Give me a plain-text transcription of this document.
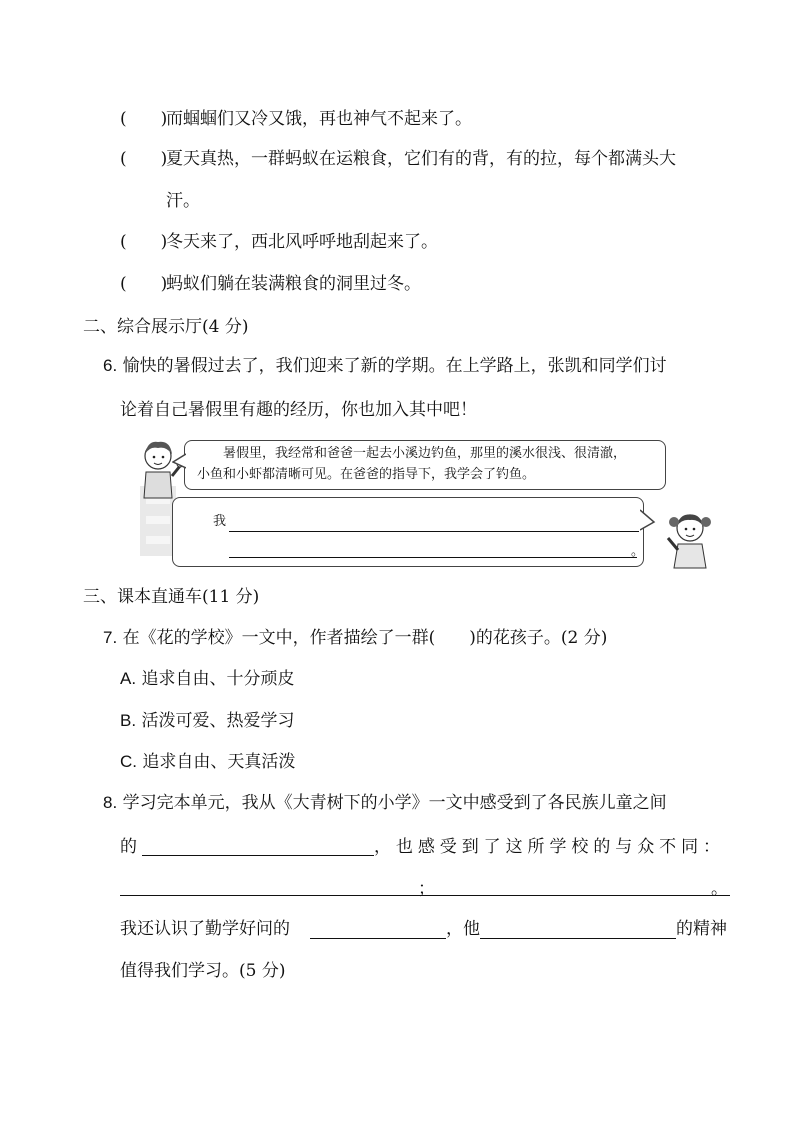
( )而蝈蝈们又冷又饿，再也神气不起来了。
( )夏天真热，一群蚂蚁在运粮食，它们有的背，有的拉，每个都满头大
汗。
( )冬天来了，西北风呼呼地刮起来了。
( )蚂蚁们躺在装满粮食的洞里过冬。
二、综合展示厅(4 分)
6. 愉快的暑假过去了，我们迎来了新的学期。在上学路上，张凯和同学们讨
论着自己暑假里有趣的经历，你也加入其中吧！
暑假里，我经常和爸爸一起去小溪边钓鱼，那里的溪水很浅、很清澈，
小鱼和小虾都清晰可见。在爸爸的指导下，我学会了钓鱼。
我
。
三、课本直通车(11 分)
7. 在《花的学校》一文中，作者描绘了一群( )的花孩子。(2 分)
A. 追求自由、十分顽皮
B. 活泼可爱、热爱学习
C. 追求自由、天真活泼
8. 学习完本单元，我从《大青树下的小学》一文中感受到了各民族儿童之间
的	，也感受到了这所学校的与众不同：
；	。
我还认识了勤学好问的	，他	的精神
值得我们学习。(5 分)
